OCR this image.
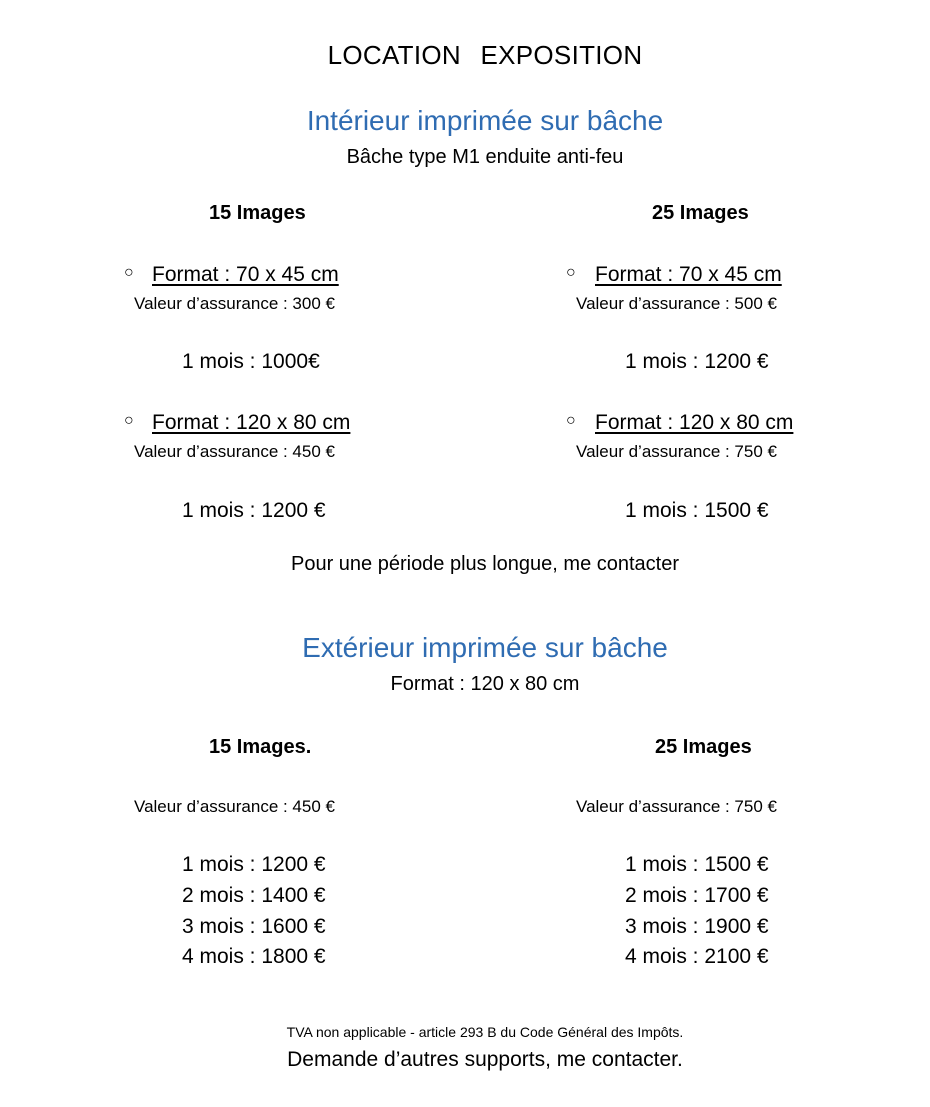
LOCATION EXPOSITION
Intérieur imprimée sur bâche
Bâche type M1 enduite anti-feu
15 Images
○ Format : 70 x 45 cm
Valeur d’assurance : 300 €
1 mois : 1000€
○ Format : 120 x 80 cm
Valeur d’assurance : 450 €
1 mois : 1200 €
25 Images
○ Format : 70 x 45 cm
Valeur d’assurance : 500 €
1 mois : 1200 €
○ Format : 120 x 80 cm
Valeur d’assurance : 750 €
1 mois : 1500 €
Pour une période plus longue, me contacter
Extérieur imprimée sur bâche
Format : 120 x 80 cm
15 Images.
Valeur d’assurance : 450 €
1 mois : 1200 €
2 mois : 1400 €
3 mois : 1600 €
4 mois : 1800 €
25 Images
Valeur d’assurance : 750 €
1 mois : 1500 €
2 mois : 1700 €
3 mois : 1900 €
4 mois : 2100 €
TVA non applicable - article 293 B du Code Général des Impôts.
Demande d’autres supports, me contacter.
